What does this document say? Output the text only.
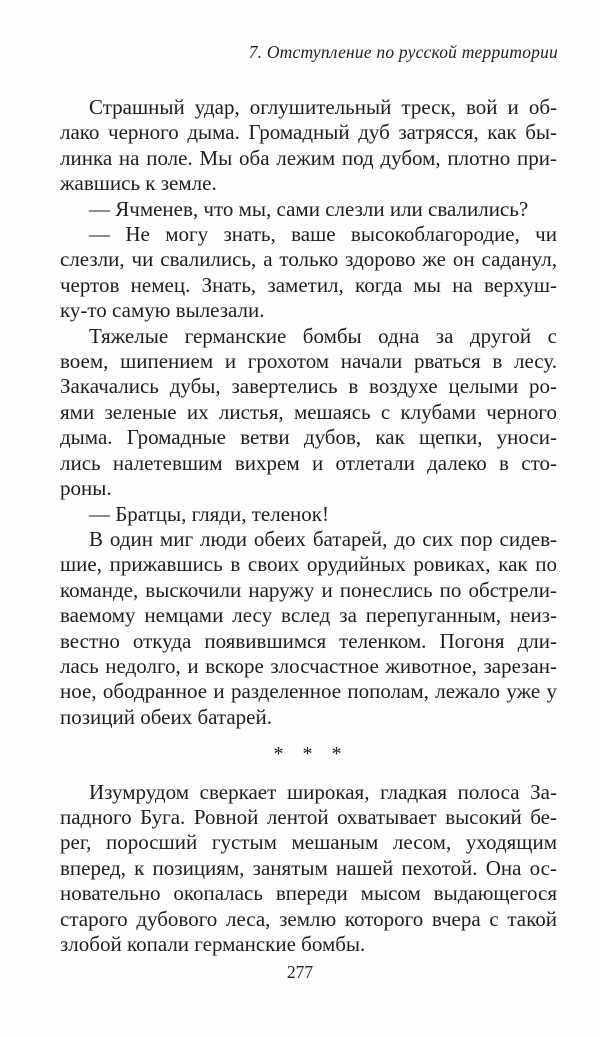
7. Отступление по русской территории
Страшный удар, оглушительный треск, вой и об-
лако черного дыма. Громадный дуб затрясся, как бы-
линка на поле. Мы оба лежим под дубом, плотно при-
жавшись к земле.
— Ячменев, что мы, сами слезли или свалились?
— Не могу знать, ваше высокоблагородие, чи
слезли, чи свалились, а только здорово же он саданул,
чертов немец. Знать, заметил, когда мы на верхуш-
ку-то самую вылезали.
Тяжелые германские бомбы одна за другой с
воем, шипением и грохотом начали рваться в лесу.
Закачались дубы, завертелись в воздухе целыми ро-
ями зеленые их листья, мешаясь с клубами черного
дыма. Громадные ветви дубов, как щепки, уноси-
лись налетевшим вихрем и отлетали далеко в сто-
роны.
— Братцы, гляди, теленок!
В один миг люди обеих батарей, до сих пор сидев-
шие, прижавшись в своих орудийных ровиках, как по
команде, выскочили наружу и понеслись по обстрели-
ваемому немцами лесу вслед за перепуганным, неиз-
вестно откуда появившимся теленком. Погоня дли-
лась недолго, и вскоре злосчастное животное, зарезан-
ное, ободранное и разделенное пополам, лежало уже у
позиций обеих батарей.
* * *
Изумрудом сверкает широкая, гладкая полоса За-
падного Буга. Ровной лентой охватывает высокий бе-
рег, поросший густым мешаным лесом, уходящим
вперед, к позициям, занятым нашей пехотой. Она ос-
новательно окопалась впереди мысом выдающегося
старого дубового леса, землю которого вчера с такой
злобой копали германские бомбы.
277
